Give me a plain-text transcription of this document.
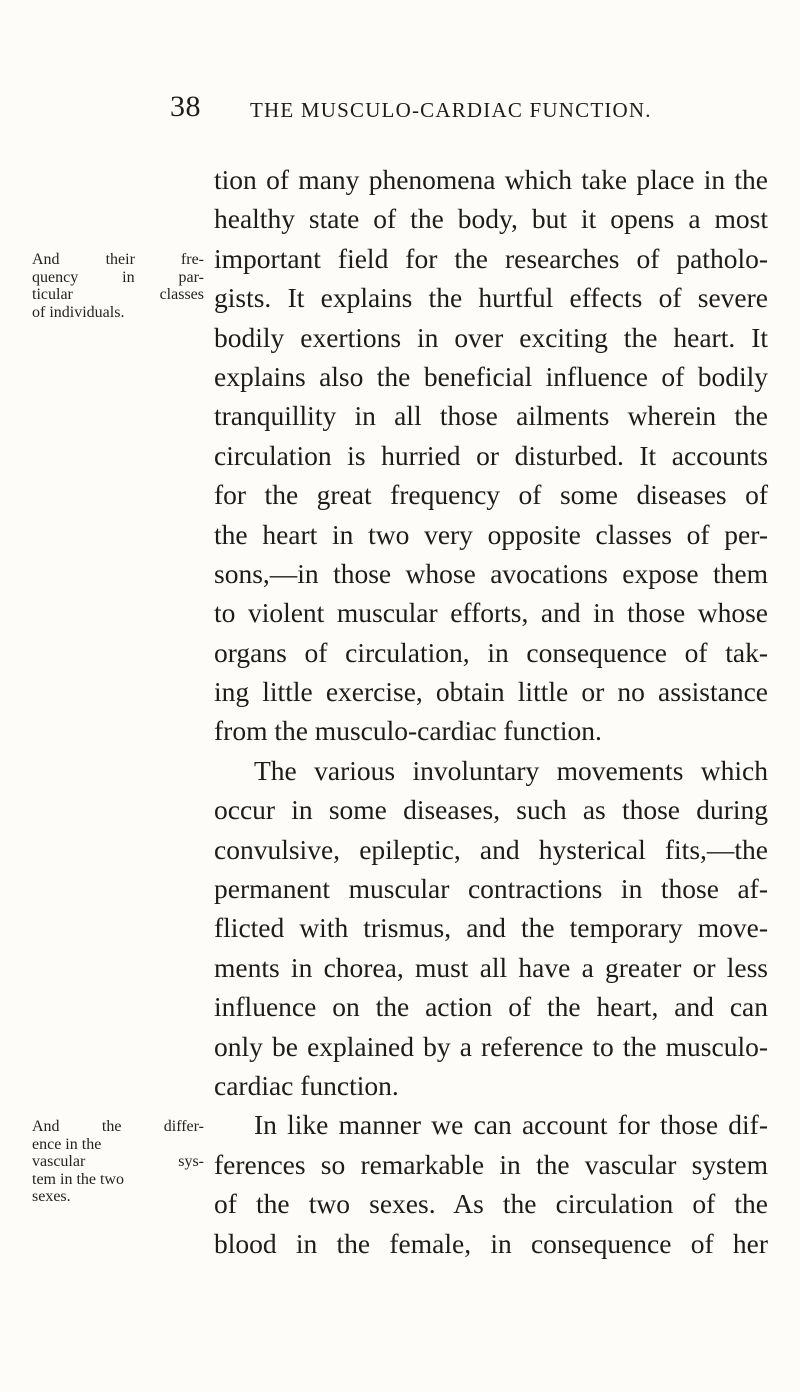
38 THE MUSCULO-CARDIAC FUNCTION.
And their fre-
quency in par-
ticular classes
of individuals.
And the differ-
ence in the
vascular sys-
tem in the two
sexes.
tion of many phenomena which take place in the
healthy state of the body, but it opens a most
important field for the researches of patholo-
gists. It explains the hurtful effects of severe
bodily exertions in over exciting the heart. It
explains also the beneficial influence of bodily
tranquillity in all those ailments wherein the
circulation is hurried or disturbed. It accounts
for the great frequency of some diseases of
the heart in two very opposite classes of per-
sons,—in those whose avocations expose them
to violent muscular efforts, and in those whose
organs of circulation, in consequence of tak-
ing little exercise, obtain little or no assistance
from the musculo-cardiac function.
The various involuntary movements which
occur in some diseases, such as those during
convulsive, epileptic, and hysterical fits,—the
permanent muscular contractions in those af-
flicted with trismus, and the temporary move-
ments in chorea, must all have a greater or less
influence on the action of the heart, and can
only be explained by a reference to the musculo-
cardiac function.
In like manner we can account for those dif-
ferences so remarkable in the vascular system
of the two sexes. As the circulation of the
blood in the female, in consequence of her
